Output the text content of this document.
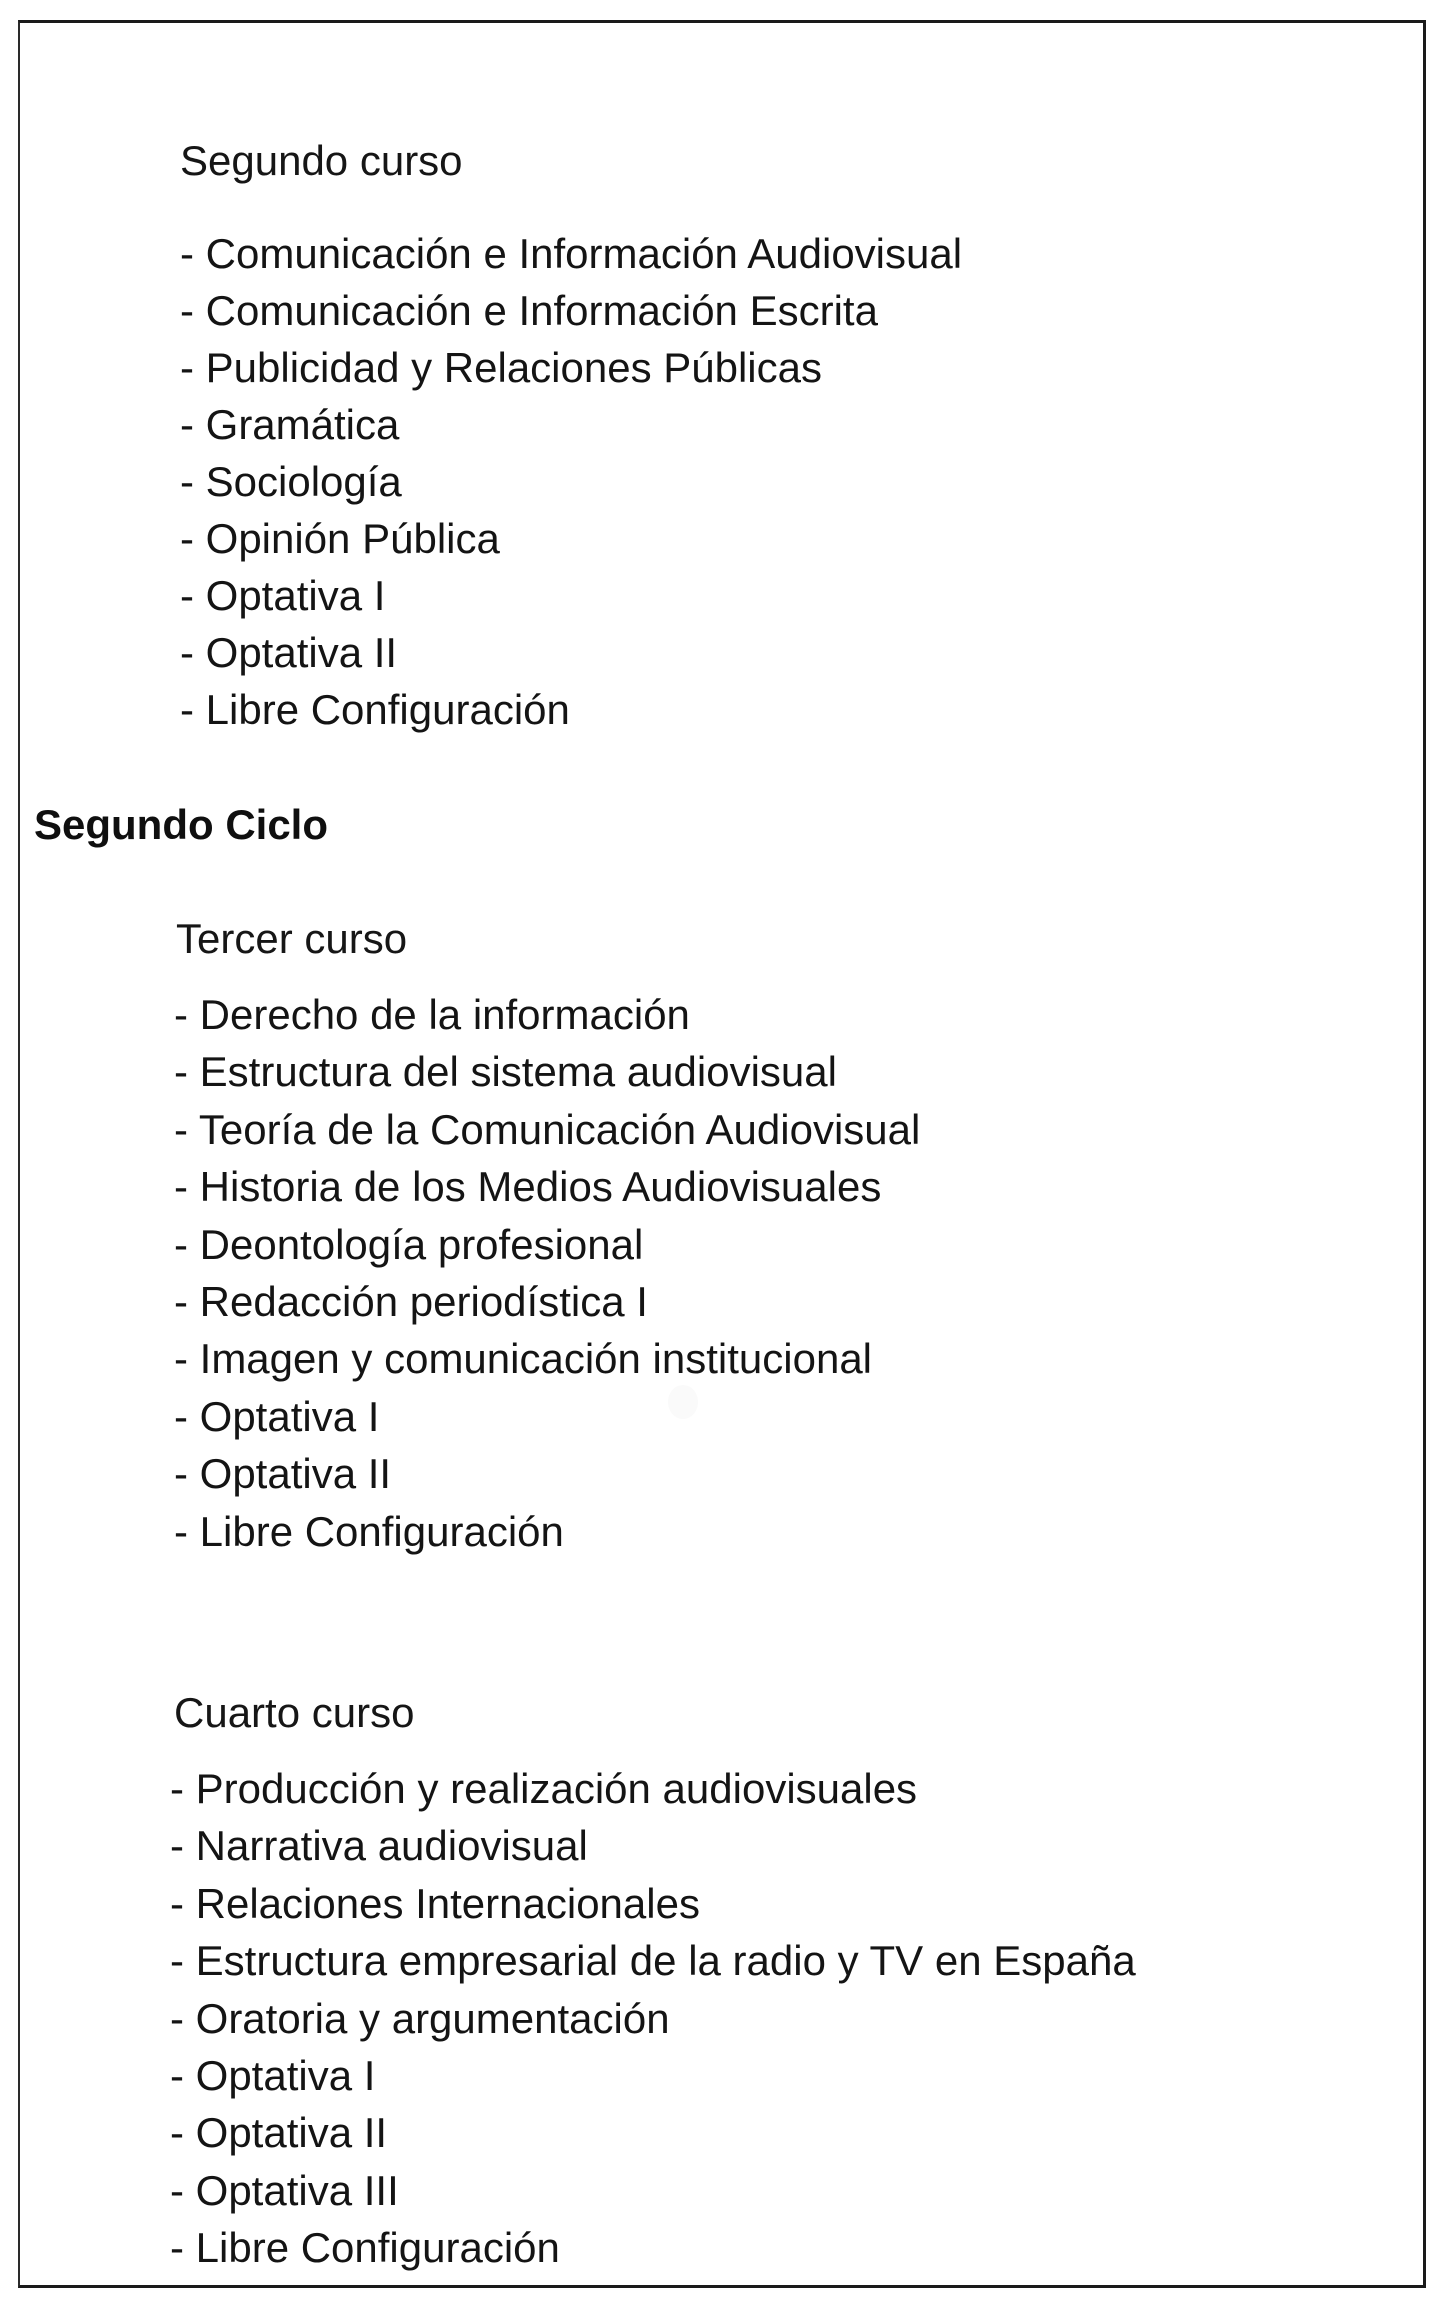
Segundo curso
- Comunicación e Información Audiovisual
- Comunicación e Información Escrita
- Publicidad y Relaciones Públicas
- Gramática
- Sociología
- Opinión Pública
- Optativa I
- Optativa II
- Libre Configuración
Segundo Ciclo
Tercer curso
- Derecho de la información
- Estructura del sistema audiovisual
- Teoría de la Comunicación Audiovisual
- Historia de los Medios Audiovisuales
- Deontología profesional
- Redacción periodística I
- Imagen y comunicación institucional
- Optativa I
- Optativa II
- Libre Configuración
Cuarto curso
- Producción y realización audiovisuales
- Narrativa audiovisual
- Relaciones Internacionales
- Estructura empresarial de la radio y TV en España
- Oratoria y argumentación
- Optativa I
- Optativa II
- Optativa III
- Libre Configuración
